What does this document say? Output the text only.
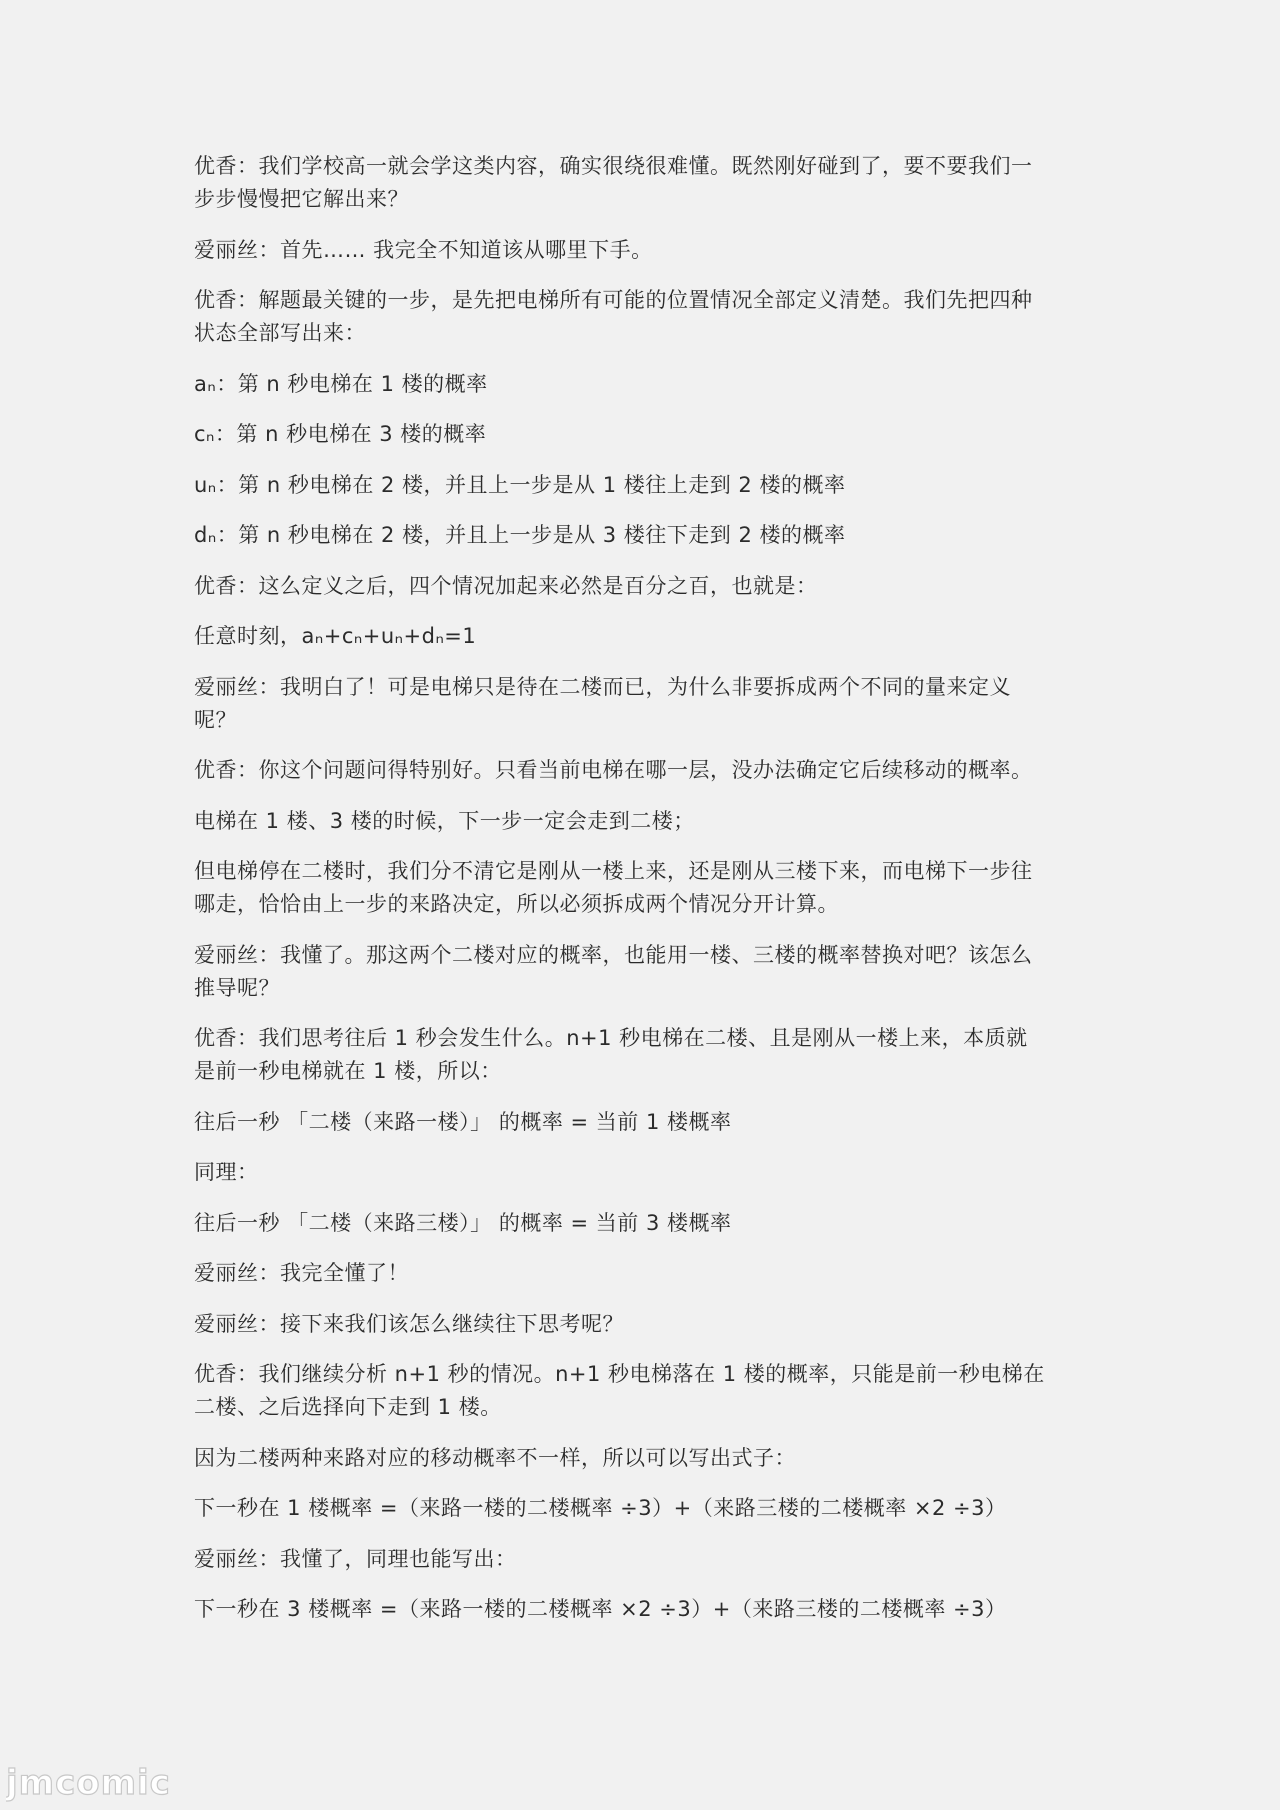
优香：我们学校高一就会学这类内容，确实很绕很难懂。既然刚好碰到了，要不要我们一
步步慢慢把它解出来？

爱丽丝：首先…… 我完全不知道该从哪里下手。

优香：解题最关键的一步，是先把电梯所有可能的位置情况全部定义清楚。我们先把四种
状态全部写出来：

aₙ：第 n 秒电梯在 1 楼的概率

cₙ：第 n 秒电梯在 3 楼的概率

uₙ：第 n 秒电梯在 2 楼，并且上一步是从 1 楼往上走到 2 楼的概率

dₙ：第 n 秒电梯在 2 楼，并且上一步是从 3 楼往下走到 2 楼的概率

优香：这么定义之后，四个情况加起来必然是百分之百，也就是：

任意时刻，aₙ+cₙ+uₙ+dₙ=1

爱丽丝：我明白了！可是电梯只是待在二楼而已，为什么非要拆成两个不同的量来定义
呢？

优香：你这个问题问得特别好。只看当前电梯在哪一层，没办法确定它后续移动的概率。

电梯在 1 楼、3 楼的时候，下一步一定会走到二楼；

但电梯停在二楼时，我们分不清它是刚从一楼上来，还是刚从三楼下来，而电梯下一步往
哪走，恰恰由上一步的来路决定，所以必须拆成两个情况分开计算。

爱丽丝：我懂了。那这两个二楼对应的概率，也能用一楼、三楼的概率替换对吧？该怎么
推导呢？

优香：我们思考往后 1 秒会发生什么。n+1 秒电梯在二楼、且是刚从一楼上来，本质就
是前一秒电梯就在 1 楼，所以：

往后一秒 「二楼（来路一楼）」 的概率 = 当前 1 楼概率

同理：

往后一秒 「二楼（来路三楼）」 的概率 = 当前 3 楼概率

爱丽丝：我完全懂了！

爱丽丝：接下来我们该怎么继续往下思考呢？

优香：我们继续分析 n+1 秒的情况。n+1 秒电梯落在 1 楼的概率，只能是前一秒电梯在
二楼、之后选择向下走到 1 楼。

因为二楼两种来路对应的移动概率不一样，所以可以写出式子：

下一秒在 1 楼概率 =（来路一楼的二楼概率 ÷3）+（来路三楼的二楼概率 ×2 ÷3）

爱丽丝：我懂了，同理也能写出：

下一秒在 3 楼概率 =（来路一楼的二楼概率 ×2 ÷3）+（来路三楼的二楼概率 ÷3）

jmcomic
